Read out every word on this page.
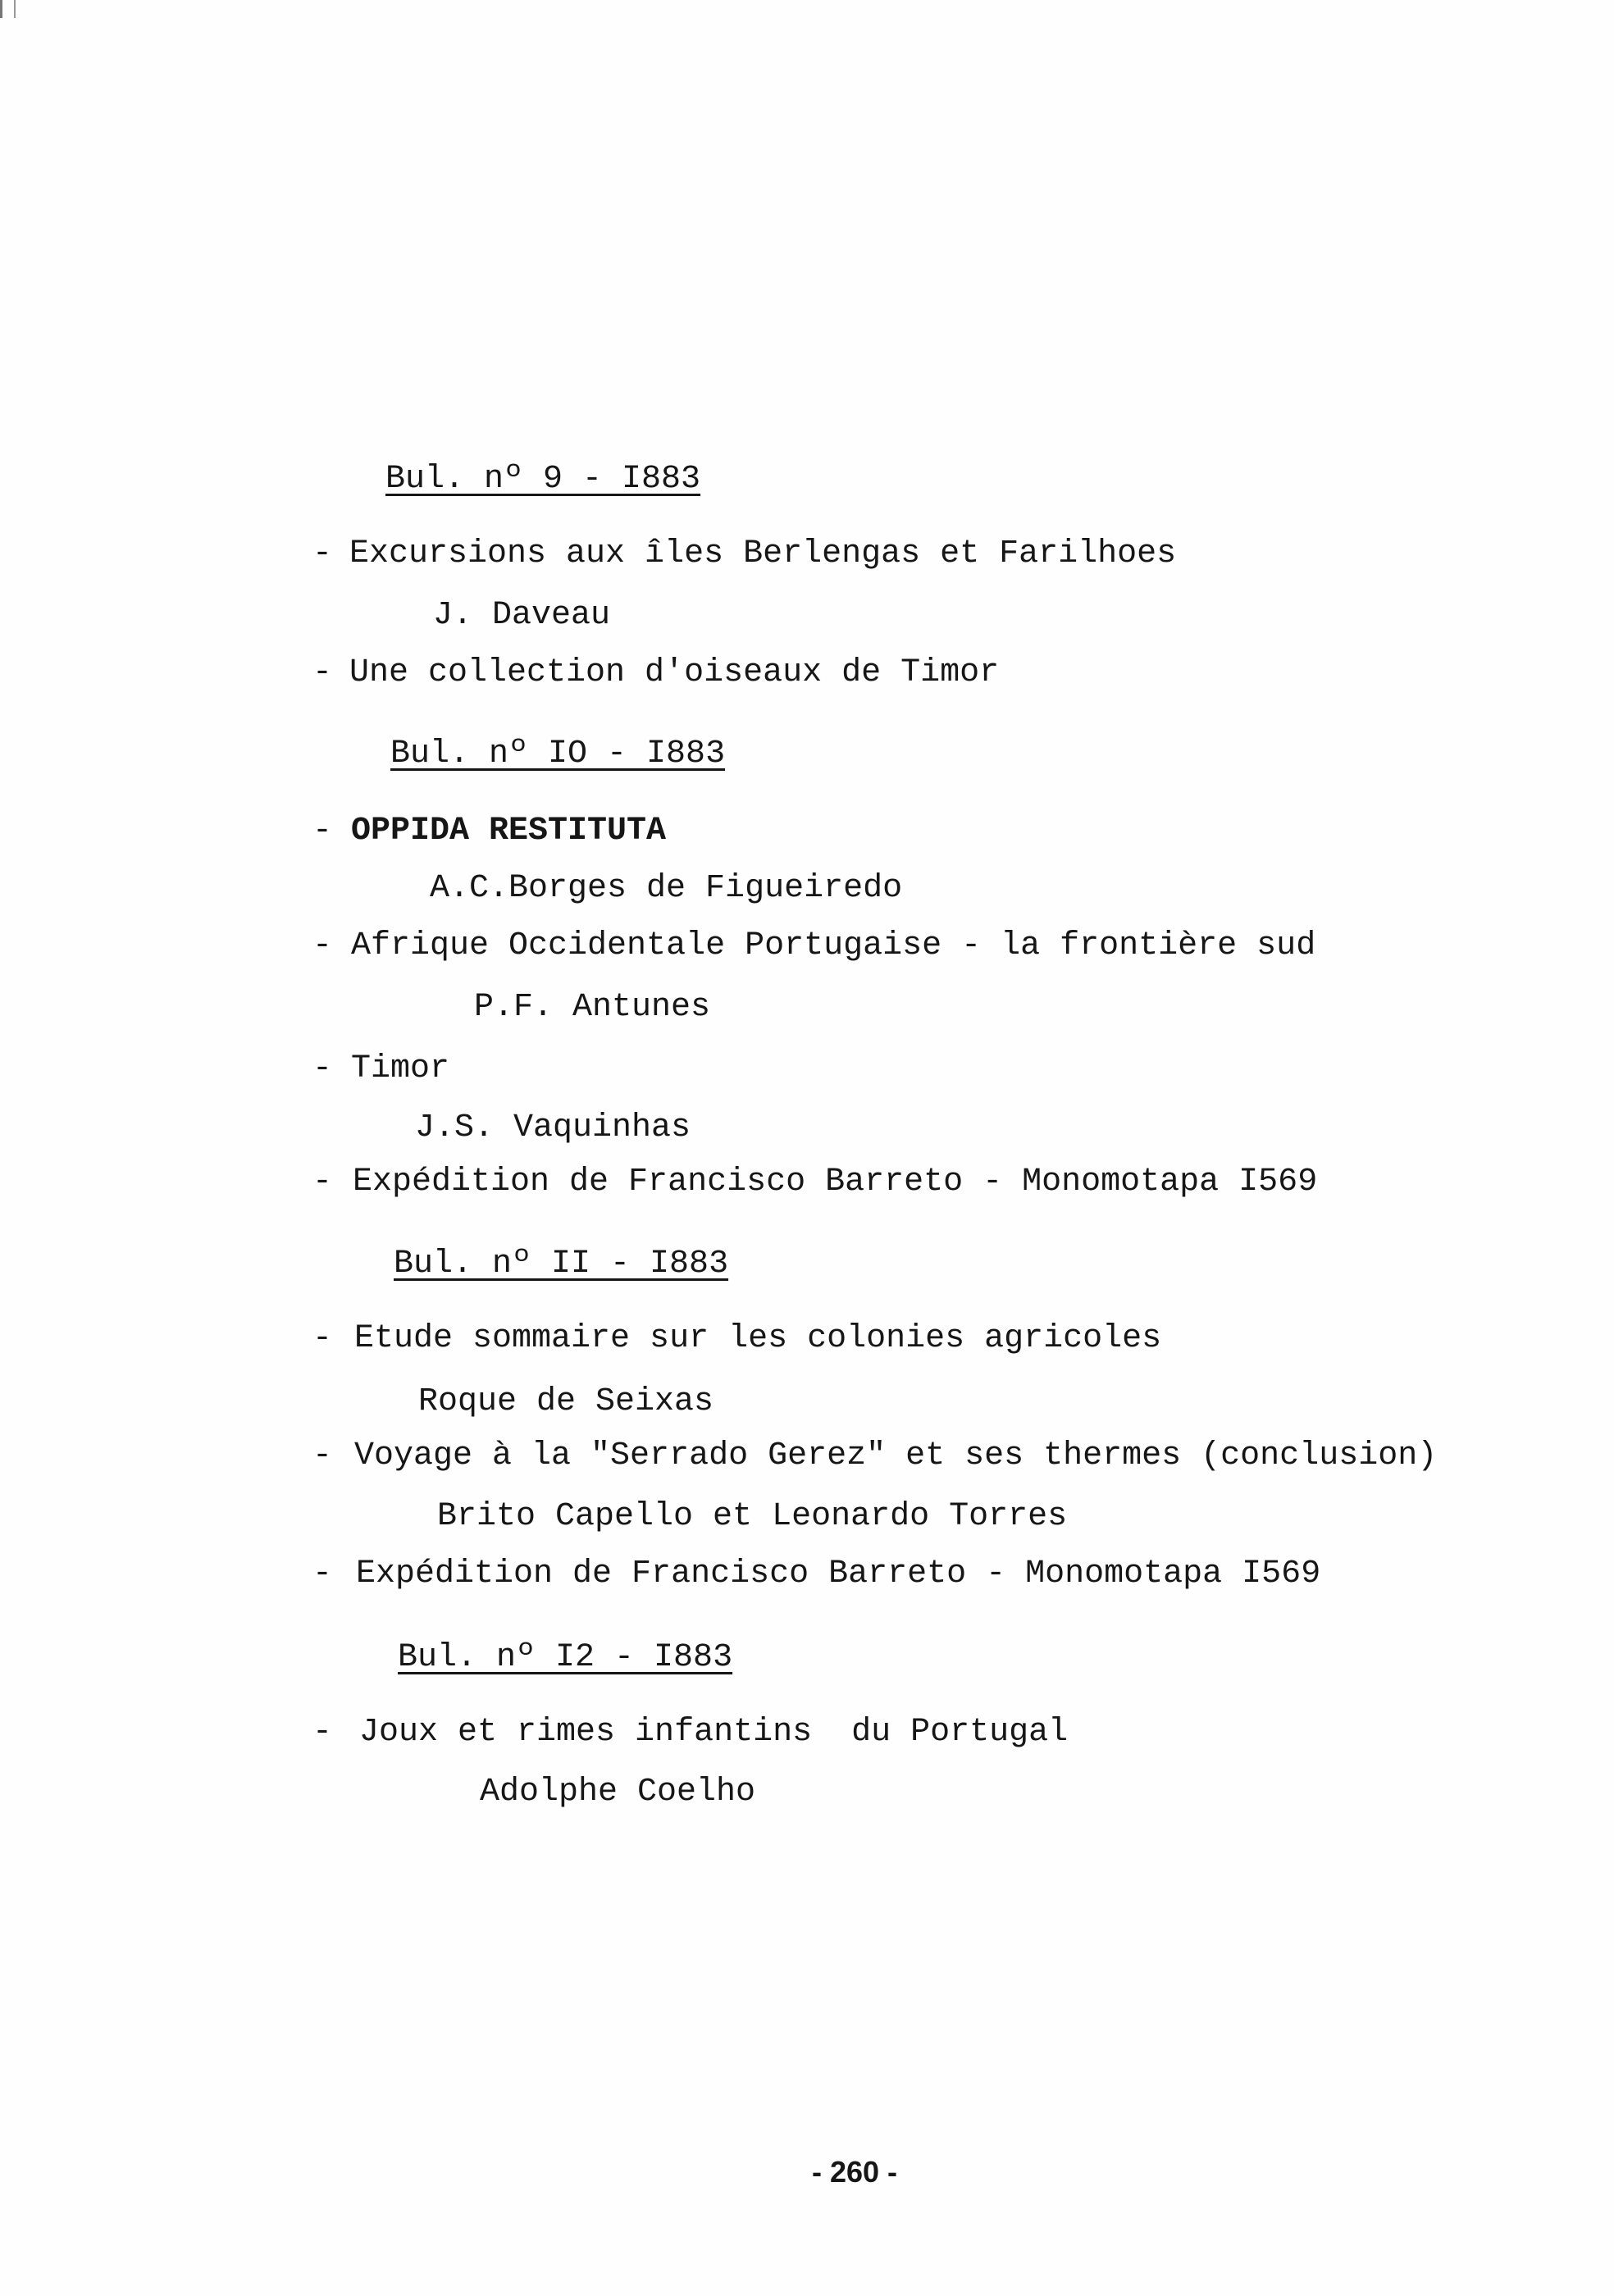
Bul. nº 9 - I883
- Excursions aux îles Berlengas et Farilhoes
J. Daveau
- Une collection d'oiseaux de Timor
Bul. nº IO - I883
- OPPIDA RESTITUTA
A.C.Borges de Figueiredo
- Afrique Occidentale Portugaise - la frontière sud
P.F. Antunes
- Timor
J.S. Vaquinhas
- Expédition de Francisco Barreto - Monomotapa I569
Bul. nº II - I883
- Etude sommaire sur les colonies agricoles
Roque de Seixas
- Voyage à la "Serrado Gerez" et ses thermes (conclusion)
Brito Capello et Leonardo Torres
- Expédition de Francisco Barreto - Monomotapa I569
Bul. nº I2 - I883
- Joux et rimes infantins  du Portugal
Adolphe Coelho
- 260 -
